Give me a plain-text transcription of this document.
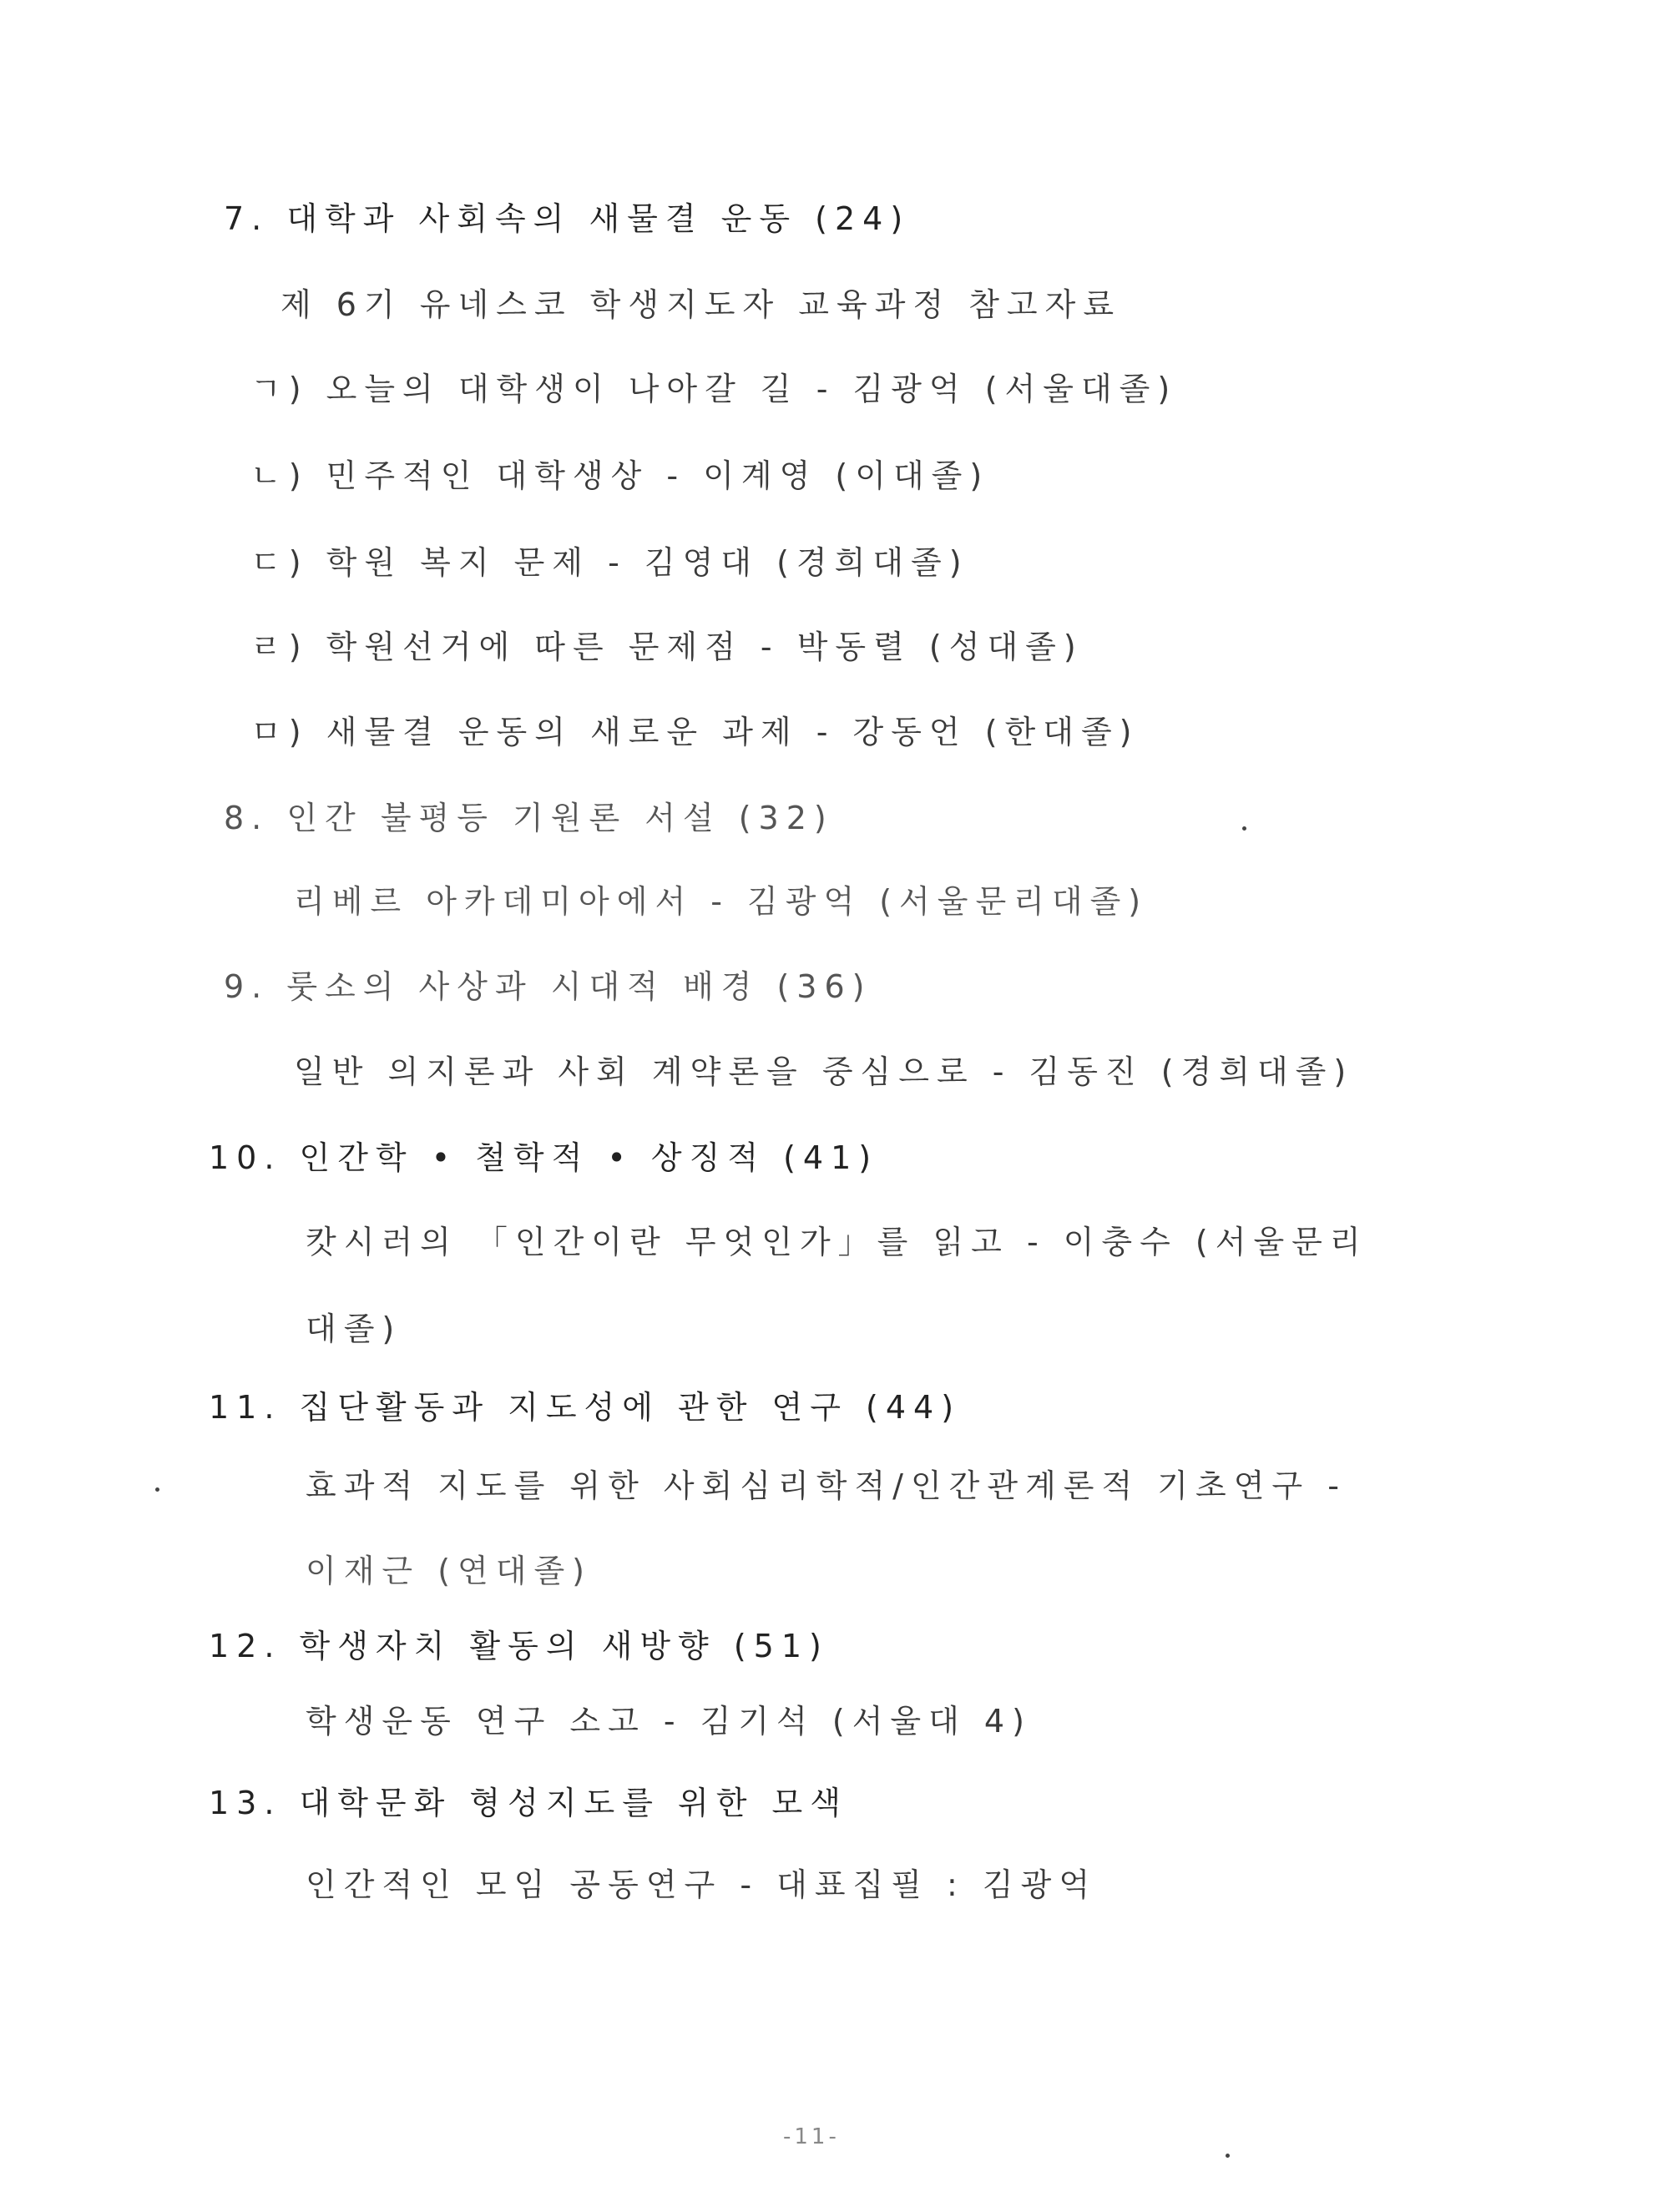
7. 대학과 사회속의 새물결 운동 (24)
제 6기 유네스코 학생지도자 교육과정 참고자료
ㄱ) 오늘의 대학생이 나아갈 길 - 김광억 (서울대졸)
ㄴ) 민주적인 대학생상 - 이계영 (이대졸)
ㄷ) 학원 복지 문제 - 김영대 (경희대졸)
ㄹ) 학원선거에 따른 문제점 - 박동렬 (성대졸)
ㅁ) 새물결 운동의 새로운 과제 - 강동언 (한대졸)
8. 인간 불평등 기원론 서설 (32)
리베르 아카데미아에서 - 김광억 (서울문리대졸)
9. 룻소의 사상과 시대적 배경 (36)
일반 의지론과 사회 계약론을 중심으로 - 김동진 (경희대졸)
10. 인간학 • 철학적 • 상징적 (41)
캇시러의 「인간이란 무엇인가」를 읽고 - 이충수 (서울문리
대졸)
11. 집단활동과 지도성에 관한 연구 (44)
효과적 지도를 위한 사회심리학적/인간관계론적 기초연구 -
이재근 (연대졸)
12. 학생자치 활동의 새방향 (51)
학생운동 연구 소고 - 김기석 (서울대 4)
13. 대학문화 형성지도를 위한 모색
인간적인 모임 공동연구 - 대표집필 : 김광억
-11-
